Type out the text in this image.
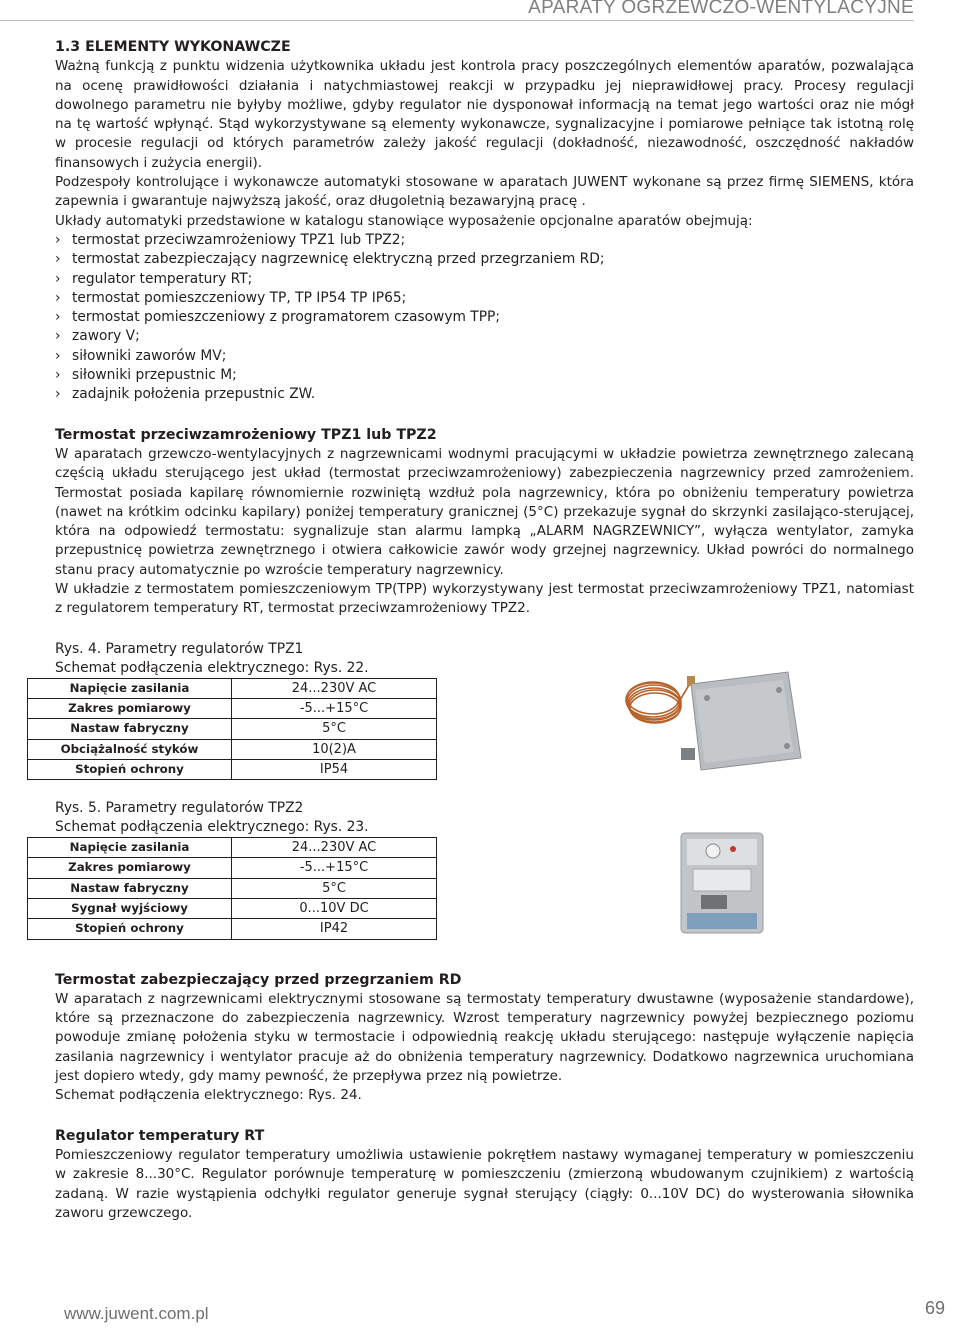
APARATY OGRZEWCZO-WENTYLACYJNE
1.3 ELEMENTY WYKONAWCZE

Ważną funkcją z punktu widzenia użytkownika układu jest kontrola pracy poszczególnych elementów aparatów, pozwalająca na ocenę prawidłowości działania i natychmiastowej reakcji w przypadku jej nieprawidłowej pracy. Procesy regulacji dowolnego parametru nie byłyby możliwe, gdyby regulator nie dysponował informacją na temat jego wartości oraz nie mógł na tę wartość wpłynąć. Stąd wykorzystywane są elementy wykonawcze, sygnalizacyjne i pomiarowe pełniące tak istotną rolę w procesie regulacji od których parametrów zależy jakość regulacji (dokładność, niezawodność, oszczędność nakładów finansowych i zużycia energii).

Podzespoły kontrolujące i wykonawcze automatyki stosowane w aparatach JUWENT wykonane są przez firmę SIEMENS, która zapewnia i gwarantuje najwyższą jakość, oraz długoletnią bezawaryjną pracę .

Układy automatyki przedstawione w katalogu stanowiące wyposażenie opcjonalne aparatów obejmują:

› termostat przeciwzamrożeniowy TPZ1 lub TPZ2;
› termostat zabezpieczający nagrzewnicę elektryczną przed przegrzaniem RD;
› regulator temperatury RT;
› termostat pomieszczeniowy TP, TP IP54 TP IP65;
› termostat pomieszczeniowy z programatorem czasowym TPP;
› zawory V;
› siłowniki zaworów MV;
› siłowniki przepustnic M;
› zadajnik położenia przepustnic ZW.
Termostat przeciwzamrożeniowy TPZ1 lub TPZ2

W aparatach grzewczo-wentylacyjnych z nagrzewnicami wodnymi pracującymi w układzie powietrza zewnętrznego zalecaną częścią układu sterującego jest układ (termostat przeciwzamrożeniowy) zabezpieczenia nagrzewnicy przed zamrożeniem. Termostat posiada kapilarę równomiernie rozwiniętą wzdłuż pola nagrzewnicy, która po obniżeniu temperatury powietrza (nawet na krótkim odcinku kapilary) poniżej temperatury granicznej (5°C) przekazuje sygnał do skrzynki zasilająco-sterującej, która na odpowiedź termostatu: sygnalizuje stan alarmu lampką „ALARM NAGRZEWNICY”, wyłącza wentylator, zamyka przepustnicę powietrza zewnętrznego i otwiera całkowicie zawór wody grzejnej nagrzewnicy. Układ powróci do normalnego stanu pracy automatycznie po wzroście temperatury nagrzewnicy.

W układzie z termostatem pomieszczeniowym TP(TPP) wykorzystywany jest termostat przeciwzamrożeniowy TPZ1, natomiast z regulatorem temperatury RT, termostat przeciwzamrożeniowy TPZ2.

Rys. 4. Parametry regulatorów TPZ1
Schemat podłączenia elektrycznego: Rys. 22.
Napięcie zasilania	24...230V AC
Zakres pomiarowy	-5...+15°C
Nastaw fabryczny	5°C
Obciążalność styków	10(2)A
Stopień ochrony	IP54
Rys. 5. Parametry regulatorów TPZ2
Schemat podłączenia elektrycznego: Rys. 23.
Napięcie zasilania	24...230V AC
Zakres pomiarowy	-5...+15°C
Nastaw fabryczny	5°C
Sygnał wyjściowy	0...10V DC
Stopień ochrony	IP42
Termostat zabezpieczający przed przegrzaniem RD

W aparatach z nagrzewnicami elektrycznymi stosowane są termostaty temperatury dwustawne (wyposażenie standardowe), które są przeznaczone do zabezpieczenia nagrzewnicy. Wzrost temperatury nagrzewnicy powyżej bezpiecznego poziomu powoduje zmianę położenia styku w termostacie i odpowiednią reakcję układu sterującego: następuje wyłączenie napięcia zasilania nagrzewnicy i wentylator pracuje aż do obniżenia temperatury nagrzewnicy. Dodatkowo nagrzewnica uruchomiana jest dopiero wtedy, gdy mamy pewność, że przepływa przez nią powietrze.

Schemat podłączenia elektrycznego: Rys. 24.

Regulator temperatury RT

Pomieszczeniowy regulator temperatury umożliwia ustawienie pokrętłem nastawy wymaganej temperatury w pomieszczeniu w zakresie 8...30°C. Regulator porównuje temperaturę w pomieszczeniu (zmierzoną wbudowanym czujnikiem) z wartością zadaną. W razie wystąpienia odchyłki regulator generuje sygnał sterujący (ciągły: 0...10V DC) do wysterowania siłownika zaworu grzewczego.

www.juwent.com.pl	69
